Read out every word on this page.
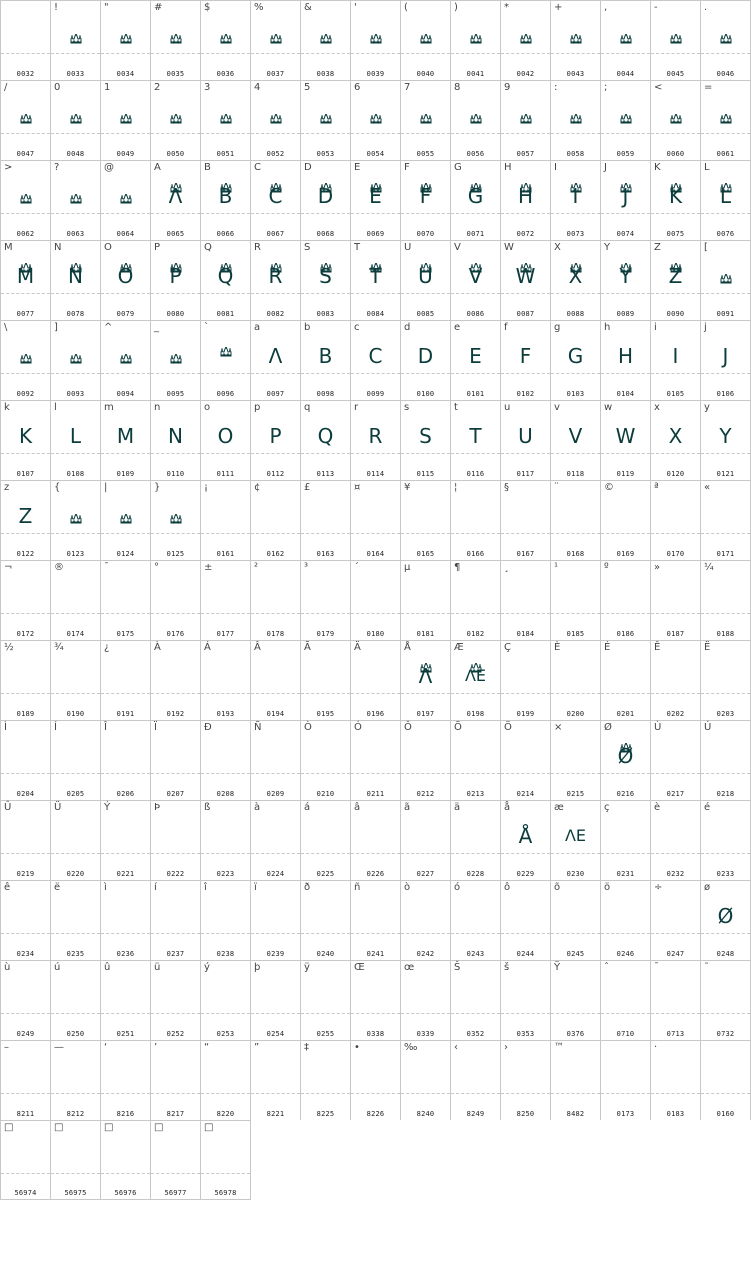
0032
!
0033
"
0034
#
0035
$
0036
%
0037
&
0038
'
0039
(
0040
)
0041
*
0042
+
0043
,
0044
-
0045
.
0046
/
0047
0
0048
1
0049
2
0050
3
0051
4
0052
5
0053
6
0054
7
0055
8
0056
9
0057
:
0058
;
0059
<
0060
=
0061
>
0062
?
0063
@
0064
A
Λ
0065
B
B
0066
C
C
0067
D
D
0068
E
E
0069
F
F
0070
G
G
0071
H
H
0072
I
I
0073
J
J
0074
K
K
0075
L
L
0076
M
M
0077
N
N
0078
O
O
0079
P
P
0080
Q
Q
0081
R
R
0082
S
S
0083
T
T
0084
U
U
0085
V
V
0086
W
W
0087
X
X
0088
Y
Y
0089
Z
Z
0090
[
0091
\
0092
]
0093
^
0094
_
0095
`
0096
a
Λ
0097
b
B
0098
c
C
0099
d
D
0100
e
E
0101
f
F
0102
g
G
0103
h
H
0104
i
I
0105
j
J
0106
k
K
0107
l
L
0108
m
M
0109
n
N
0110
o
O
0111
p
P
0112
q
Q
0113
r
R
0114
s
S
0115
t
T
0116
u
U
0117
v
V
0118
w
W
0119
x
X
0120
y
Y
0121
z
Z
0122
{
0123
|
0124
}
0125
¡
0161
¢
0162
£
0163
¤
0164
¥
0165
¦
0166
§
0167
¨
0168
©
0169
ª
0170
«
0171
¬
0172
®
0174
¯
0175
°
0176
±
0177
²
0178
³
0179
´
0180
µ
0181
¶
0182
¸
0184
¹
0185
º
0186
»
0187
¼
0188
½
0189
¾
0190
¿
0191
À
0192
Á
0193
Â
0194
Ã
0195
Ä
0196
Å
Λ
0197
Æ
ΛE
0198
Ç
0199
È
0200
É
0201
Ê
0202
Ë
0203
Ì
0204
Í
0205
Î
0206
Ï
0207
Ð
0208
Ñ
0209
Ò
0210
Ó
0211
Ô
0212
Õ
0213
Ö
0214
×
0215
Ø
Ø
0216
Ù
0217
Ú
0218
Û
0219
Ü
0220
Ý
0221
Þ
0222
ß
0223
à
0224
á
0225
â
0226
ã
0227
ä
0228
å
Å
0229
æ
ΛE
0230
ç
0231
è
0232
é
0233
ê
0234
ë
0235
ì
0236
í
0237
î
0238
ï
0239
ð
0240
ñ
0241
ò
0242
ó
0243
ô
0244
õ
0245
ö
0246
÷
0247
ø
Ø
0248
ù
0249
ú
0250
û
0251
ü
0252
ý
0253
þ
0254
ÿ
0255
Œ
0338
œ
0339
Š
0352
š
0353
Ÿ
0376
ˆ
0710
ˉ
0713
˜
0732
–
8211
—
8212
‘
8216
’
8217
“
8220
”
8221
‡
8225
•
8226
‰
8240
‹
8249
›
8250
™
8482	0173
·
0183	0160
□
56974
□
56975
□
56976
□
56977
□
56978
